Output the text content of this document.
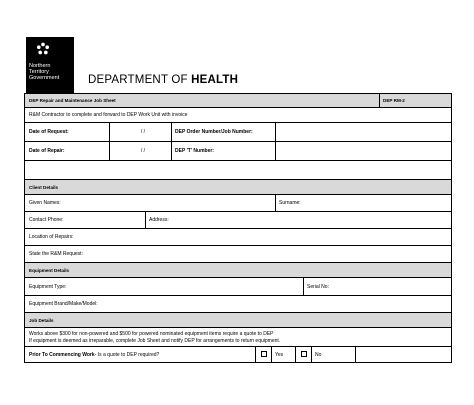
Northern
Territory
Government DEPARTMENT OF HEALTH
DEP Repair and Maintenance Job Sheet	DEP RM-2
R&M Contractor to complete and forward to DEP Work Unit with invoice
Date of Request:	/ /	DEP Order Number/Job Number:
Date of Repair:	/ /	DEP 'T' Number:
Client Details
Given Names:	Surname:
Contact Phone:	Address:
Location of Repairs:
State the R&M Request:
Equipment Details
Equipment Type:	Serial No:
Equipment Brand/Make/Model:
Job Details
Works above $300 for non-powered and $500 for powered nominated equipment items require a quote to DEP
If equipment is deemed as irreparable, complete Job Sheet and notify DEP for arrangements to return equipment.
Prior To Commencing Work - Is a quote to DEP required?	Yes	No
